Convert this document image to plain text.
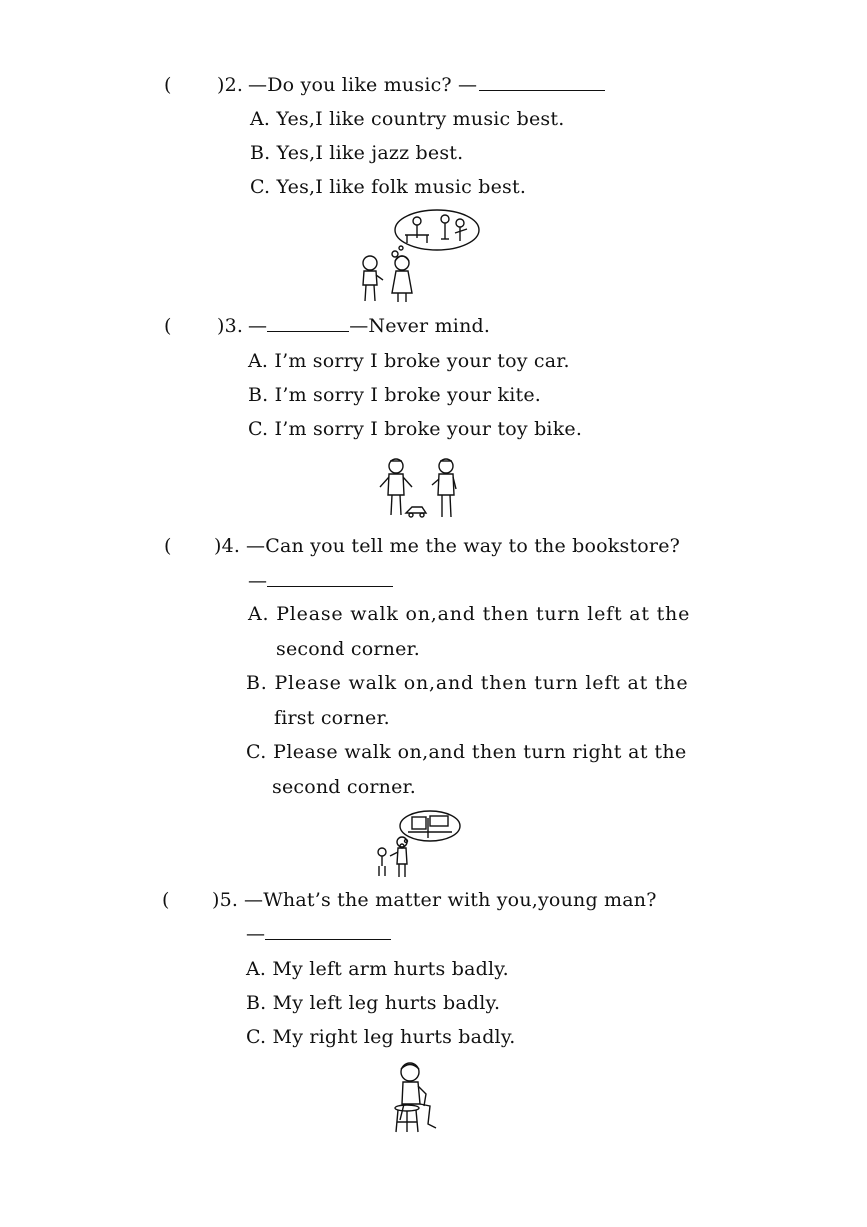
( )2. —Do you like music? —
A. Yes,I like country music best.
B. Yes,I like jazz best.
C. Yes,I like folk music best.
( )3. —	—Never mind.
A. I’m sorry I broke your toy car.
B. I’m sorry I broke your kite.
C. I’m sorry I broke your toy bike.
( )4. —Can you tell me the way to the bookstore?
—
A. Please walk on,and then turn left at the
second corner.
B. Please walk on,and then turn left at the
first corner.
C. Please walk on,and then turn right at the
second corner.
( )5. —What’s the matter with you,young man?
—
A. My left arm hurts badly.
B. My left leg hurts badly.
C. My right leg hurts badly.
